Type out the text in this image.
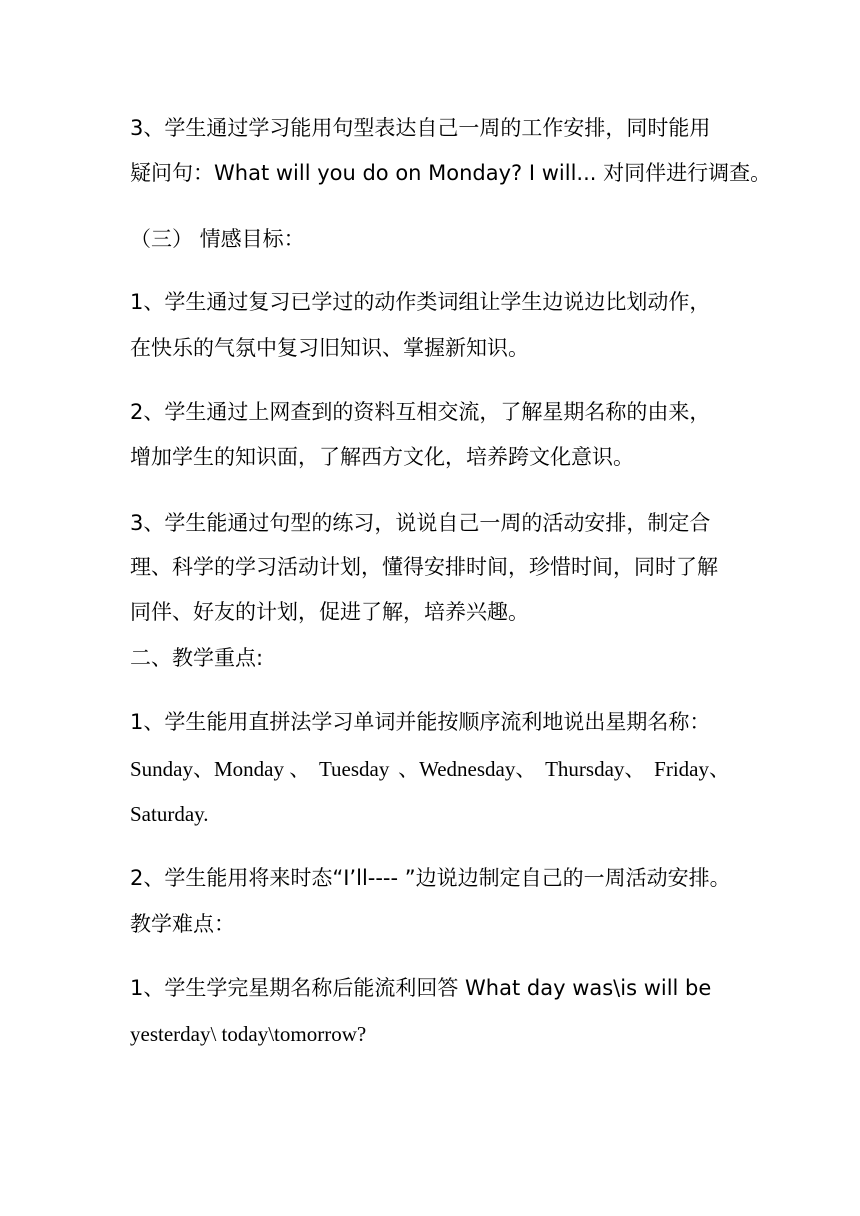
3、学生通过学习能用句型表达自己一周的工作安排，同时能用
疑问句：What will you do on Monday? I will... 对同伴进行调查。
（三） 情感目标：
1、学生通过复习已学过的动作类词组让学生边说边比划动作，
在快乐的气氛中复习旧知识、掌握新知识。
2、学生通过上网查到的资料互相交流，了解星期名称的由来，
增加学生的知识面，了解西方文化，培养跨文化意识。
3、学生能通过句型的练习，说说自己一周的活动安排，制定合
理、科学的学习活动计划，懂得安排时间，珍惜时间，同时了解
同伴、好友的计划，促进了解，培养兴趣。
二、教学重点:
1、学生能用直拼法学习单词并能按顺序流利地说出星期名称：
Sunday、Monday 、 Tuesday 、Wednesday、 Thursday、 Friday、
Saturday.
2、学生能用将来时态“I’ll---- ”边说边制定自己的一周活动安排。
教学难点：
1、学生学完星期名称后能流利回答 What day was\is will be
yesterday\ today\tomorrow?
